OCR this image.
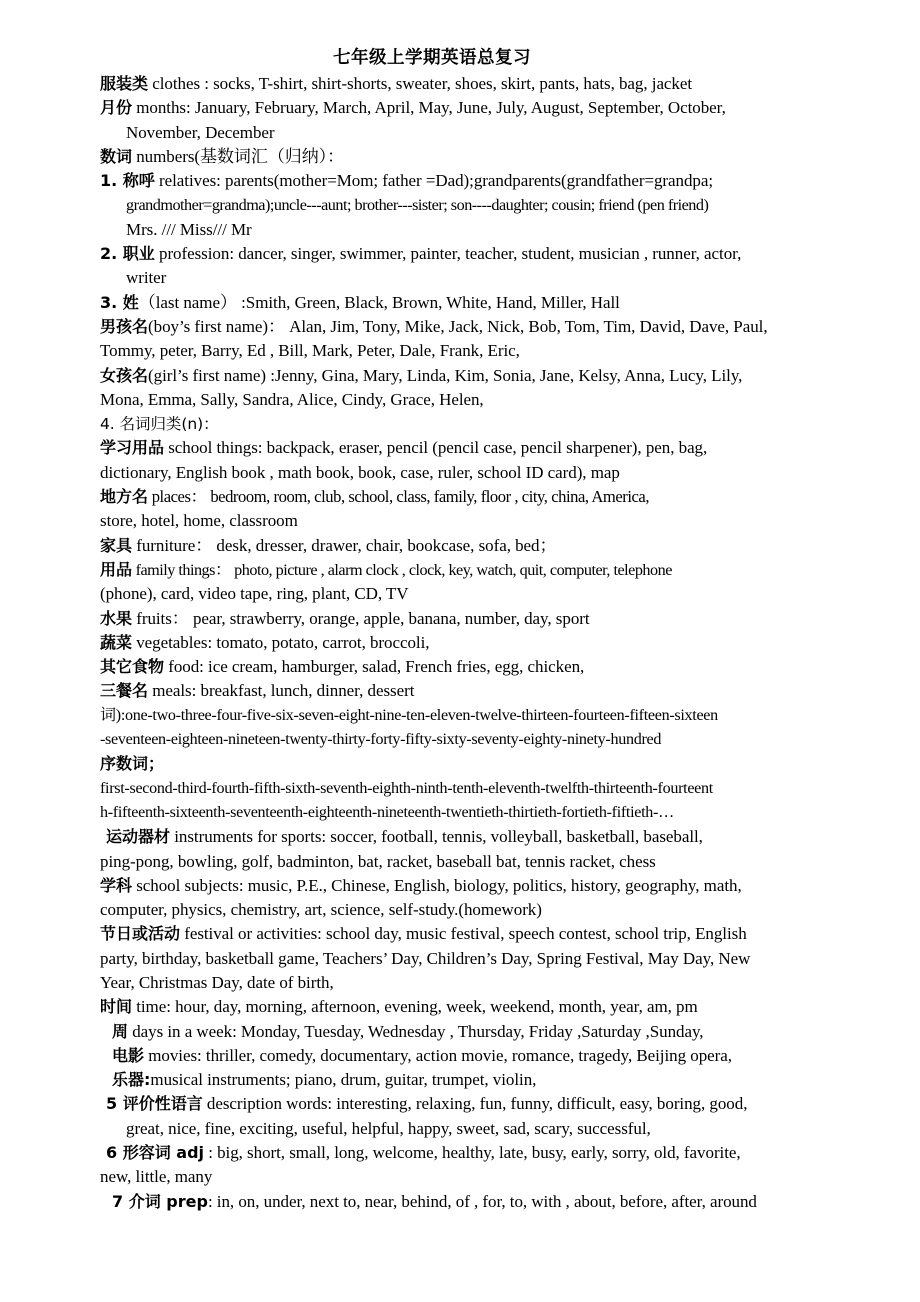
七年级上学期英语总复习

服装类 clothes : socks, T-shirt, shirt-shorts, sweater, shoes, skirt, pants, hats, bag, jacket

月份 months: January, February, March, April, May, June, July, August, September, October,

November, December

数词 numbers(基数词汇（归纳）：

1. 称呼 relatives: parents(mother=Mom; father =Dad);grandparents(grandfather=grandpa;

grandmother=grandma);uncle---aunt; brother---sister; son----daughter; cousin; friend (pen friend)

Mrs. /// Miss/// Mr

2. 职业 profession: dancer, singer, swimmer, painter, teacher, student, musician , runner, actor,

writer

3. 姓（last name） :Smith, Green, Black, Brown, White, Hand, Miller, Hall

男孩名(boy’s first name)： Alan, Jim, Tony, Mike, Jack, Nick, Bob, Tom, Tim, David, Dave, Paul,

Tommy, peter, Barry, Ed , Bill, Mark, Peter, Dale, Frank, Eric,

女孩名(girl’s first name) :Jenny, Gina, Mary, Linda, Kim, Sonia, Jane, Kelsy, Anna, Lucy, Lily,

Mona, Emma, Sally, Sandra, Alice, Cindy, Grace, Helen,

4. 名词归类(n)：

学习用品 school things: backpack, eraser, pencil (pencil case, pencil sharpener), pen, bag,

dictionary, English book , math book, book, case, ruler, school ID card), map

地方名 places： bedroom, room, club, school, class, family, floor , city, china, America,

store, hotel, home, classroom

家具 furniture： desk, dresser, drawer, chair, bookcase, sofa, bed；

用品 family things： photo, picture , alarm clock , clock, key, watch, quit, computer, telephone

(phone), card, video tape, ring, plant, CD, TV

水果 fruits： pear, strawberry, orange, apple, banana, number, day, sport

蔬菜 vegetables: tomato, potato, carrot, broccoli,

其它食物 food: ice cream, hamburger, salad, French fries, egg, chicken,

三餐名 meals: breakfast, lunch, dinner, dessert

词):one-two-three-four-five-six-seven-eight-nine-ten-eleven-twelve-thirteen-fourteen-fifteen-sixteen

-seventeen-eighteen-nineteen-twenty-thirty-forty-fifty-sixty-seventy-eighty-ninety-hundred

序数词；

first-second-third-fourth-fifth-sixth-seventh-eighth-ninth-tenth-eleventh-twelfth-thirteenth-fourteent

h-fifteenth-sixteenth-seventeenth-eighteenth-nineteenth-twentieth-thirtieth-fortieth-fiftieth-…

运动器材 instruments for sports: soccer, football, tennis, volleyball, basketball, baseball,

ping-pong, bowling, golf, badminton, bat, racket, baseball bat, tennis racket, chess

学科 school subjects: music, P.E., Chinese, English, biology, politics, history, geography, math,

computer, physics, chemistry, art, science, self-study.(homework)

节日或活动 festival or activities: school day, music festival, speech contest, school trip, English

party, birthday, basketball game, Teachers’ Day, Children’s Day, Spring Festival, May Day, New

Year, Christmas Day, date of birth,

时间 time: hour, day, morning, afternoon, evening, week, weekend, month, year, am, pm

周 days in a week: Monday, Tuesday, Wednesday , Thursday, Friday ,Saturday ,Sunday,

电影 movies: thriller, comedy, documentary, action movie, romance, tragedy, Beijing opera,

乐器:musical instruments; piano, drum, guitar, trumpet, violin,

5 评价性语言 description words: interesting, relaxing, fun, funny, difficult, easy, boring, good,

great, nice, fine, exciting, useful, helpful, happy, sweet, sad, scary, successful,

6 形容词 adj : big, short, small, long, welcome, healthy, late, busy, early, sorry, old, favorite,

new, little, many

7 介词 prep: in, on, under, next to, near, behind, of , for, to, with , about, before, after, around
